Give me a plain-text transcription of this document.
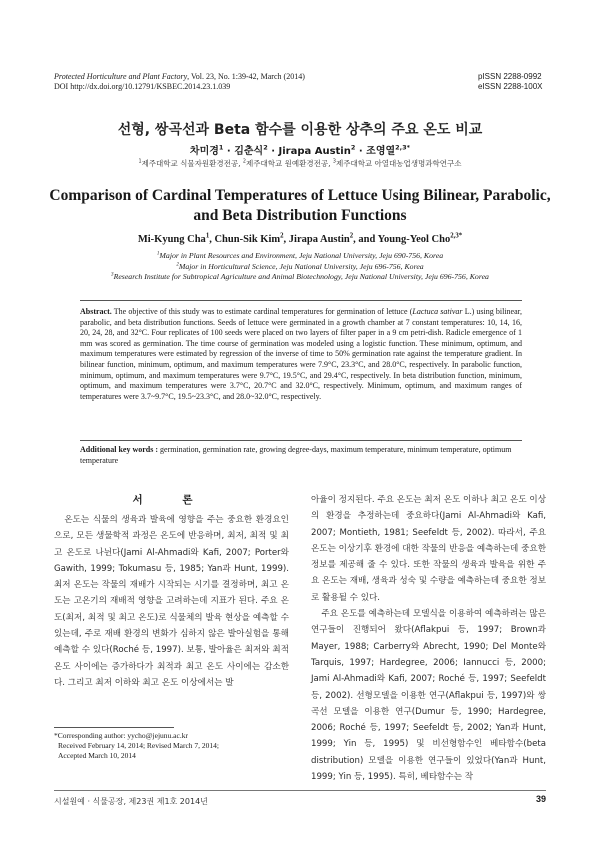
Protected Horticulture and Plant Factory, Vol. 23, No. 1:39-42, March (2014)
DOI http://dx.doi.org/10.12791/KSBEC.2014.23.1.039
pISSN 2288-0992
eISSN 2288-100X
선형, 쌍곡선과 Beta 함수를 이용한 상추의 주요 온도 비교
차미경$^1$ · 김춘식$^2$ · Jirapa Austin$^2$ · 조영열$^{2,3*}$
$^1$제주대학교 식물자원환경전공, $^2$제주대학교 원예환경전공, $^3$제주대학교 아열대농업생명과학연구소
Comparison of Cardinal Temperatures of Lettuce Using Bilinear, Parabolic, and Beta Distribution Functions
Mi-Kyung Cha$^1$, Chun-Sik Kim$^2$, Jirapa Austin$^2$, and Young-Yeol Cho$^{2,3*}$
$^1$Major in Plant Resources and Environment, Jeju National University, Jeju 690-756, Korea
$^2$Major in Horticultural Science, Jeju National University, Jeju 696-756, Korea
$^3$Research Institute for Subtropical Agriculture and Animal Biotechnology, Jeju National University, Jeju 696-756, Korea
Abstract. The objective of this study was to estimate cardinal temperatures for germination of lettuce (Lactuca sativar L.) using bilinear, parabolic, and beta distribution functions. Seeds of lettuce were germinated in a growth chamber at 7 constant temperatures: 10, 14, 16, 20, 24, 28, and 32°C. Four replicates of 100 seeds were placed on two layers of filter paper in a 9 cm petri-dish. Radicle emergence of 1 mm was scored as germination. The time course of germination was modeled using a logistic function. These minimum, optimum, and maximum temperatures were estimated by regression of the inverse of time to 50% germination rate against the temperature gradient. In bilinear function, minimum, optimum, and maximum temperatures were 7.9°C, 23.3°C, and 28.0°C, respectively. In parabolic function, minimum, optimum, and maximum temperatures were 9.7°C, 19.5°C, and 29.4°C, respectively. In beta distribution function, minimum, optimum, and maximum temperatures were 3.7°C, 20.7°C and 32.0°C, respectively. Minimum, optimum, and maximum ranges of temperatures were 3.7~9.7°C, 19.5~23.3°C, and 28.0~32.0°C, respectively.
Additional key words : germination, germination rate, growing degree-days, maximum temperature, minimum temperature, optimum temperature
서 론

온도는 식물의 생육과 발육에 영향을 주는 중요한 환경요인으로, 모든 생물학적 과정은 온도에 반응하며, 최저, 최적 및 최고 온도로 나뉜다(Jami Al-Ahmadi와 Kafi, 2007; Porter와 Gawith, 1999; Tokumasu 등, 1985; Yan과 Hunt, 1999). 최저 온도는 작물의 재배가 시작되는 시기를 결정하며, 최고 온도는 고온기의 재배적 영향을 고려하는데 지표가 된다. 주요 온도(최저, 최적 및 최고 온도)로 식물체의 발육 현상을 예측할 수 있는데, 주로 재배 환경의 변화가 심하지 않은 발아실험을 통해 예측할 수 있다(Roché 등, 1997). 보통, 발아율은 최저와 최적온도 사이에는 증가하다가 최적과 최고 온도 사이에는 감소한다. 그리고 최저 이하와 최고 온도 이상에서는 발

아율이 정지된다. 주요 온도는 최저 온도 이하나 최고 온도 이상의 환경을 추정하는데 중요하다(Jami Al-Ahmadi와 Kafi, 2007; Montieth, 1981; Seefeldt 등, 2002). 따라서, 주요 온도는 이상기후 환경에 대한 작물의 반응을 예측하는데 중요한 정보를 제공해 줄 수 있다. 또한 작물의 생육과 발육을 위한 주요 온도는 재배, 생육과 성숙 및 수량을 예측하는데 중요한 정보로 활용될 수 있다.

주요 온도를 예측하는데 모델식을 이용하여 예측하려는 많은 연구들이 진행되어 왔다(Aflakpui 등, 1997; Brown과 Mayer, 1988; Carberry와 Abrecht, 1990; Del Monte와 Tarquis, 1997; Hardegree, 2006; Iannucci 등, 2000; Jami Al-Ahmadi와 Kafi, 2007; Roché 등, 1997; Seefeldt 등, 2002). 선형모델을 이용한 연구(Aflakpui 등, 1997)와 쌍곡선 모델을 이용한 연구(Dumur 등, 1990; Hardegree, 2006; Roché 등, 1997; Seefeldt 등, 2002; Yan과 Hunt, 1999; Yin 등, 1995) 및 비선형함수인 베타함수(beta distribution) 모델을 이용한 연구들이 있었다(Yan과 Hunt, 1999; Yin 등, 1995). 특히, 베타함수는 작

*Corresponding author: yycho@jejunu.ac.kr
Received February 14, 2014; Revised March 7, 2014;
Accepted March 10, 2014
시설원예 · 식물공장, 제23권 제1호 2014년	39
